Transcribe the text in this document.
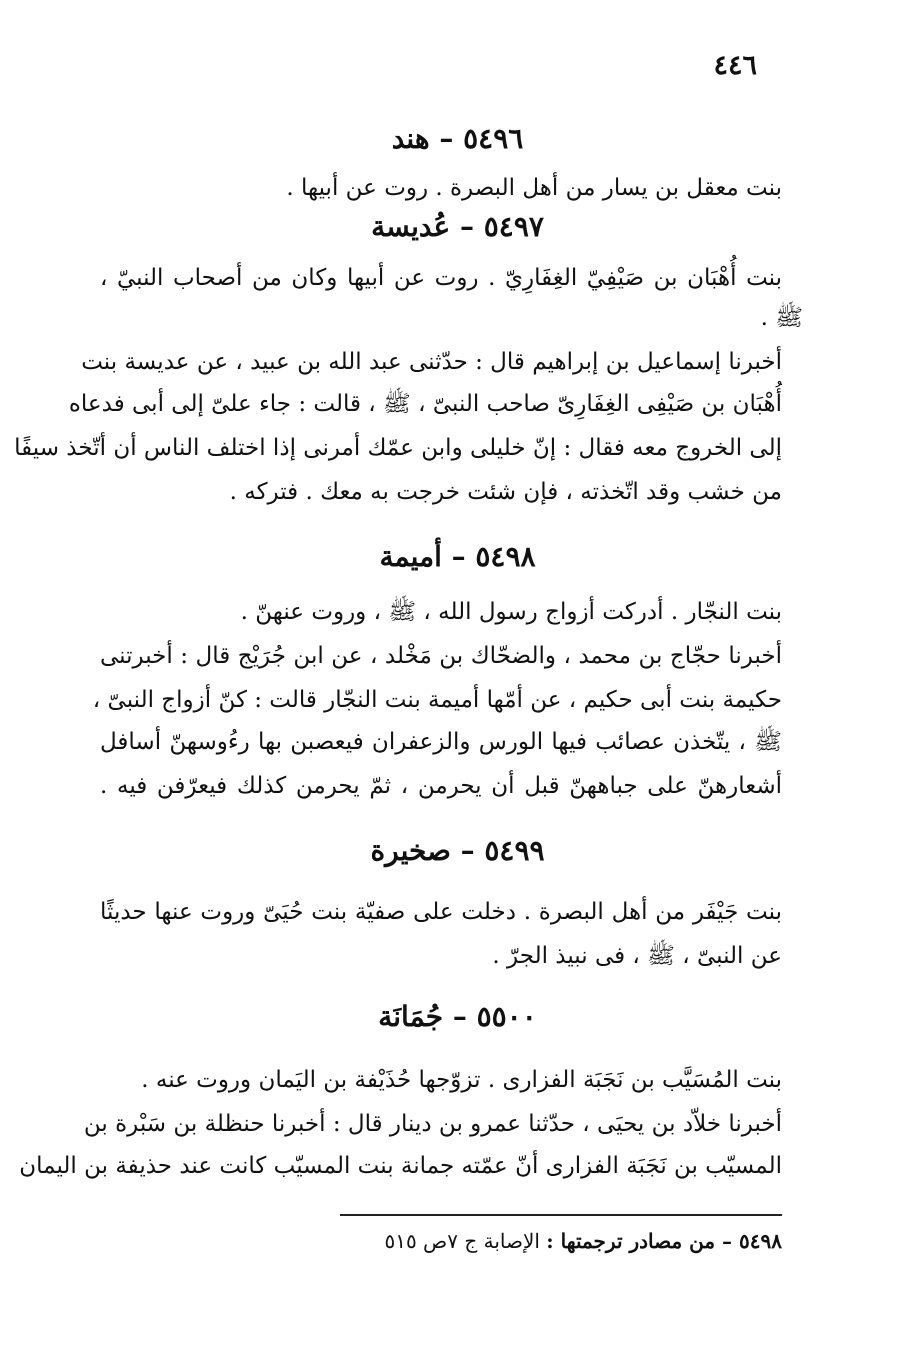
٤٤٦
٥٤٩٦ – هند
بنت معقل بن يسار من أهل البصرة . روت عن أبيها .
٥٤٩٧ – عُديسة
بنت أُهْبَان بن صَيْفِيّ الغِفَارِيّ . روت عن أبيها وكان من أصحاب النبيّ ،
ﷺ .
أخبرنا إسماعيل بن إبراهيم قال : حدّثنى عبد الله بن عبيد ، عن عديسة بنت
أُهْبَان بن صَيْفِى الغِفَارِىّ صاحب النبىّ ، ﷺ ، قالت : جاء علىّ إلى أبى فدعاه
إلى الخروج معه فقال : إنّ خليلى وابن عمّك أمرنى إذا اختلف الناس أن أتّخذ سيفًا
من خشب وقد اتّخذته ، فإن شئت خرجت به معك . فتركه .
٥٤٩٨ – أميمة
بنت النجّار . أدركت أزواج رسول الله ، ﷺ ، وروت عنهنّ .
أخبرنا حجّاج بن محمد ، والضحّاك بن مَخْلد ، عن ابن جُرَيْج قال : أخبرتنى
حكيمة بنت أبى حكيم ، عن أمّها أميمة بنت النجّار قالت : كنّ أزواج النبىّ ،
ﷺ ، يتّخذن عصائب فيها الورس والزعفران فيعصبن بها رءُوسهنّ أسافل
أشعارهنّ على جباههنّ قبل أن يحرمن ، ثمّ يحرمن كذلك فيعرّفن فيه .
٥٤٩٩ – صخيرة
بنت جَيْفَر من أهل البصرة . دخلت على صفيّة بنت حُيَىّ وروت عنها حديثًا
عن النبىّ ، ﷺ ، فى نبيذ الجرّ .
٥٥٠٠ – جُمَانَة
بنت المُسَيَّب بن نَجَبَة الفزارى . تزوّجها حُذَيْفة بن اليَمان وروت عنه .
أخبرنا خلاّد بن يحيَى ، حدّثنا عمرو بن دينار قال : أخبرنا حنظلة بن سَبْرة بن
المسيّب بن نَجَبَة الفزارى أنّ عمّته جمانة بنت المسيّب كانت عند حذيفة بن اليمان
٥٤٩٨ – من مصادر ترجمتها : الإصابة ج ٧ص ٥١٥
